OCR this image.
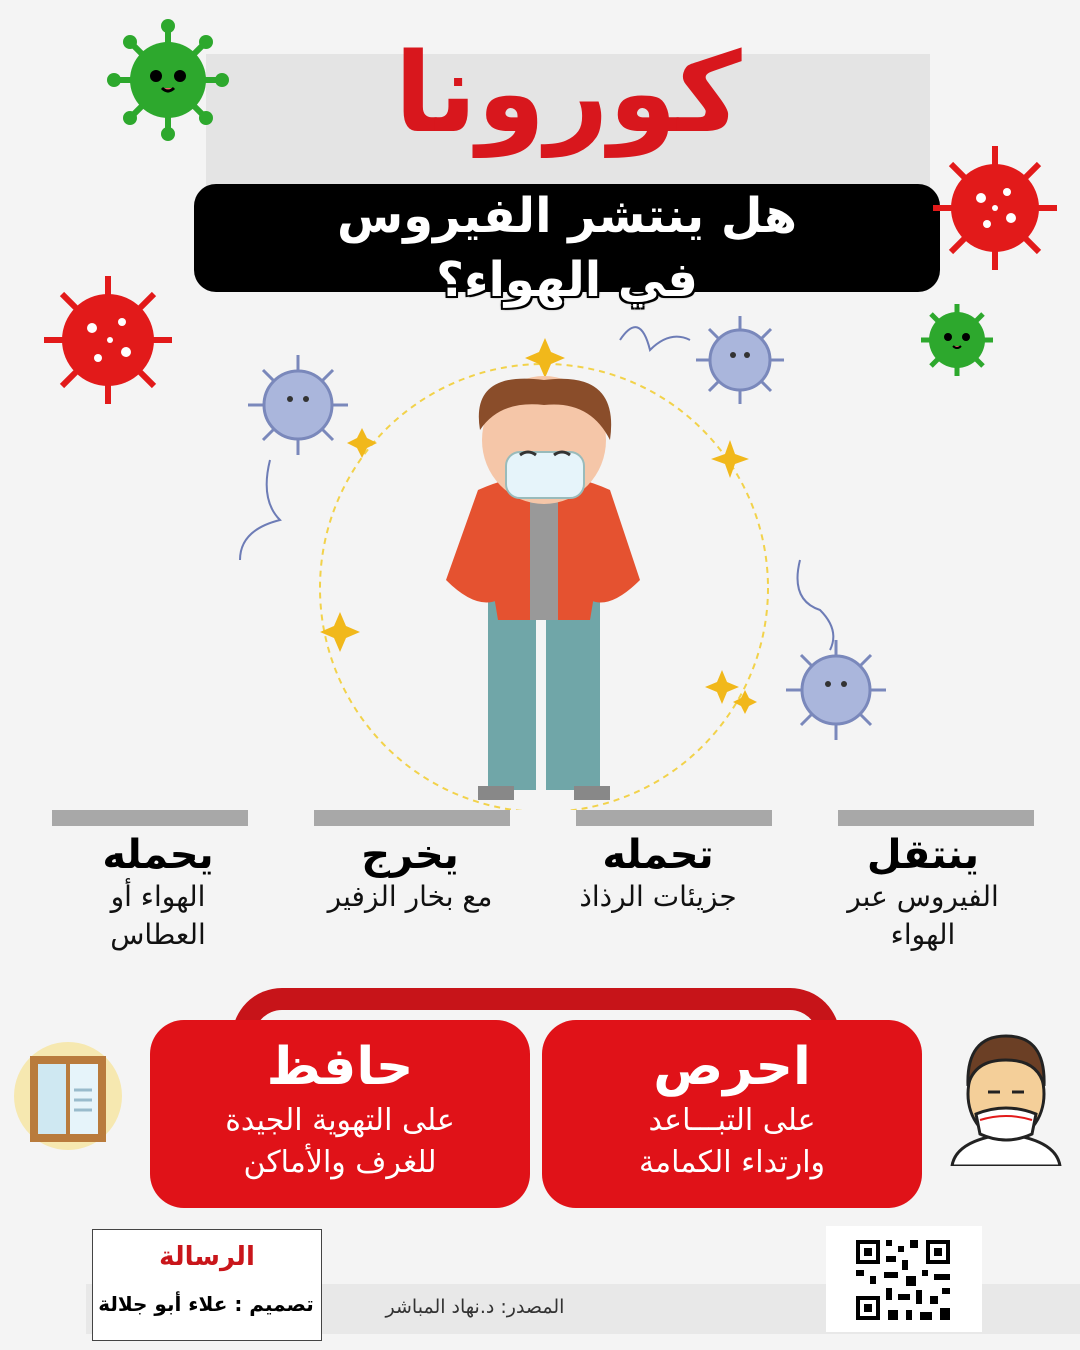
كورونا
هل ينتشر الفيروس
في الهواء؟
ينتقل
الفيروس عبر الهواء
تحمله
جزيئات الرذاذ
يخرج
مع بخار الزفير
يحمله
الهواء أو العطاس
حافظ
على التهوية الجيدة
للغرف والأماكن
احرص
على التبـــاعد
وارتداء الكمامة
الرسالة
تصميم : علاء أبو جلالة	المصدر: د.نهاد المباشر
